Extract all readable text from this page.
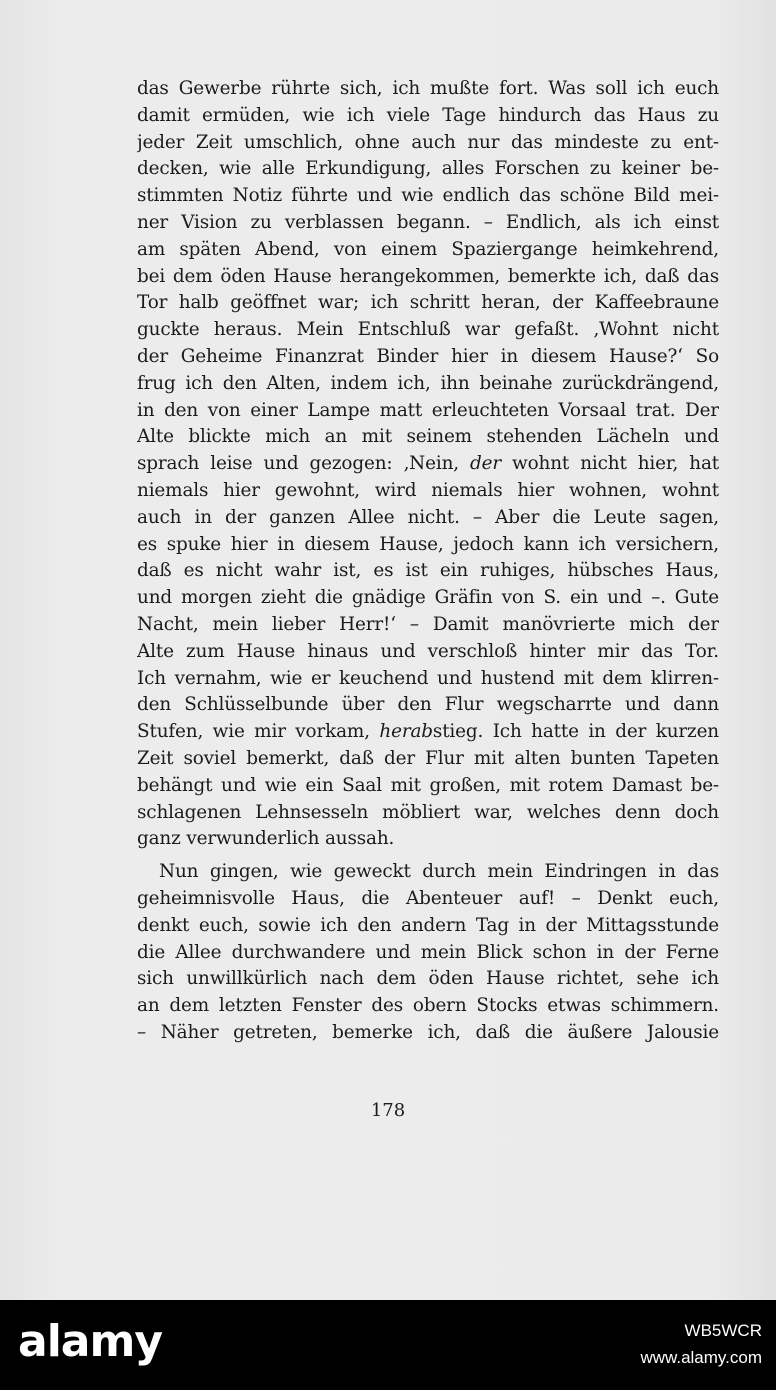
das Gewerbe rührte sich, ich mußte fort. Was soll ich euch
damit ermüden, wie ich viele Tage hindurch das Haus zu
jeder Zeit umschlich, ohne auch nur das mindeste zu ent-
decken, wie alle Erkundigung, alles Forschen zu keiner be-
stimmten Notiz führte und wie endlich das schöne Bild mei-
ner Vision zu verblassen begann. – Endlich, als ich einst
am späten Abend, von einem Spaziergange heimkehrend,
bei dem öden Hause herangekommen, bemerkte ich, daß das
Tor halb geöffnet war; ich schritt heran, der Kaffeebraune
guckte heraus. Mein Entschluß war gefaßt. ‚Wohnt nicht
der Geheime Finanzrat Binder hier in diesem Hause?‘ So
frug ich den Alten, indem ich, ihn beinahe zurückdrängend,
in den von einer Lampe matt erleuchteten Vorsaal trat. Der
Alte blickte mich an mit seinem stehenden Lächeln und
sprach leise und gezogen: ‚Nein, der wohnt nicht hier, hat
niemals hier gewohnt, wird niemals hier wohnen, wohnt
auch in der ganzen Allee nicht. – Aber die Leute sagen,
es spuke hier in diesem Hause, jedoch kann ich versichern,
daß es nicht wahr ist, es ist ein ruhiges, hübsches Haus,
und morgen zieht die gnädige Gräfin von S. ein und –. Gute
Nacht, mein lieber Herr!‘ – Damit manövrierte mich der
Alte zum Hause hinaus und verschloß hinter mir das Tor.
Ich vernahm, wie er keuchend und hustend mit dem klirren-
den Schlüsselbunde über den Flur wegscharrte und dann
Stufen, wie mir vorkam, herabstieg. Ich hatte in der kurzen
Zeit soviel bemerkt, daß der Flur mit alten bunten Tapeten
behängt und wie ein Saal mit großen, mit rotem Damast be-
schlagenen Lehnsesseln möbliert war, welches denn doch
ganz verwunderlich aussah.

Nun gingen, wie geweckt durch mein Eindringen in das
geheimnisvolle Haus, die Abenteuer auf! – Denkt euch,
denkt euch, sowie ich den andern Tag in der Mittagsstunde
die Allee durchwandere und mein Blick schon in der Ferne
sich unwillkürlich nach dem öden Hause richtet, sehe ich
an dem letzten Fenster des obern Stocks etwas schimmern.
– Näher getreten, bemerke ich, daß die äußere Jalousie

178
alamy	WB5WCR
www.alamy.com
